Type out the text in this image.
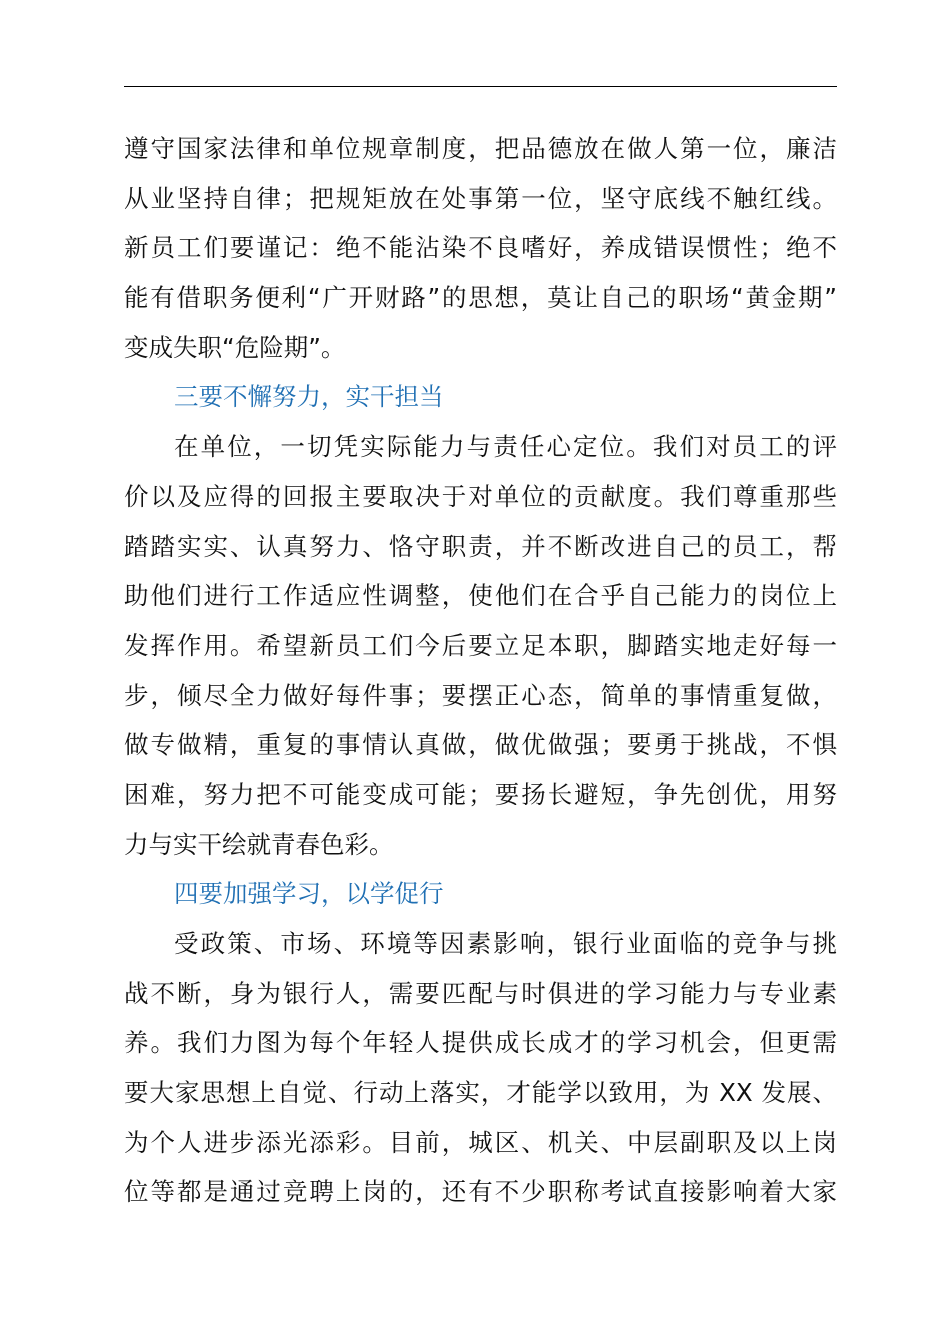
遵守国家法律和单位规章制度，把品德放在做人第一位，廉洁
从业坚持自律；把规矩放在处事第一位，坚守底线不触红线。
新员工们要谨记：绝不能沾染不良嗜好，养成错误惯性；绝不
能有借职务便利“广开财路”的思想，莫让自己的职场“黄金期”
变成失职“危险期”。
三要不懈努力，实干担当
在单位，一切凭实际能力与责任心定位。我们对员工的评
价以及应得的回报主要取决于对单位的贡献度。我们尊重那些
踏踏实实、认真努力、恪守职责，并不断改进自己的员工，帮
助他们进行工作适应性调整，使他们在合乎自己能力的岗位上
发挥作用。希望新员工们今后要立足本职，脚踏实地走好每一
步，倾尽全力做好每件事；要摆正心态，简单的事情重复做，
做专做精，重复的事情认真做，做优做强；要勇于挑战，不惧
困难，努力把不可能变成可能；要扬长避短，争先创优，用努
力与实干绘就青春色彩。
四要加强学习，以学促行
受政策、市场、环境等因素影响，银行业面临的竞争与挑
战不断，身为银行人，需要匹配与时俱进的学习能力与专业素
养。我们力图为每个年轻人提供成长成才的学习机会，但更需
要大家思想上自觉、行动上落实，才能学以致用，为 XX 发展、
为个人进步添光添彩。目前，城区、机关、中层副职及以上岗
位等都是通过竞聘上岗的，还有不少职称考试直接影响着大家
